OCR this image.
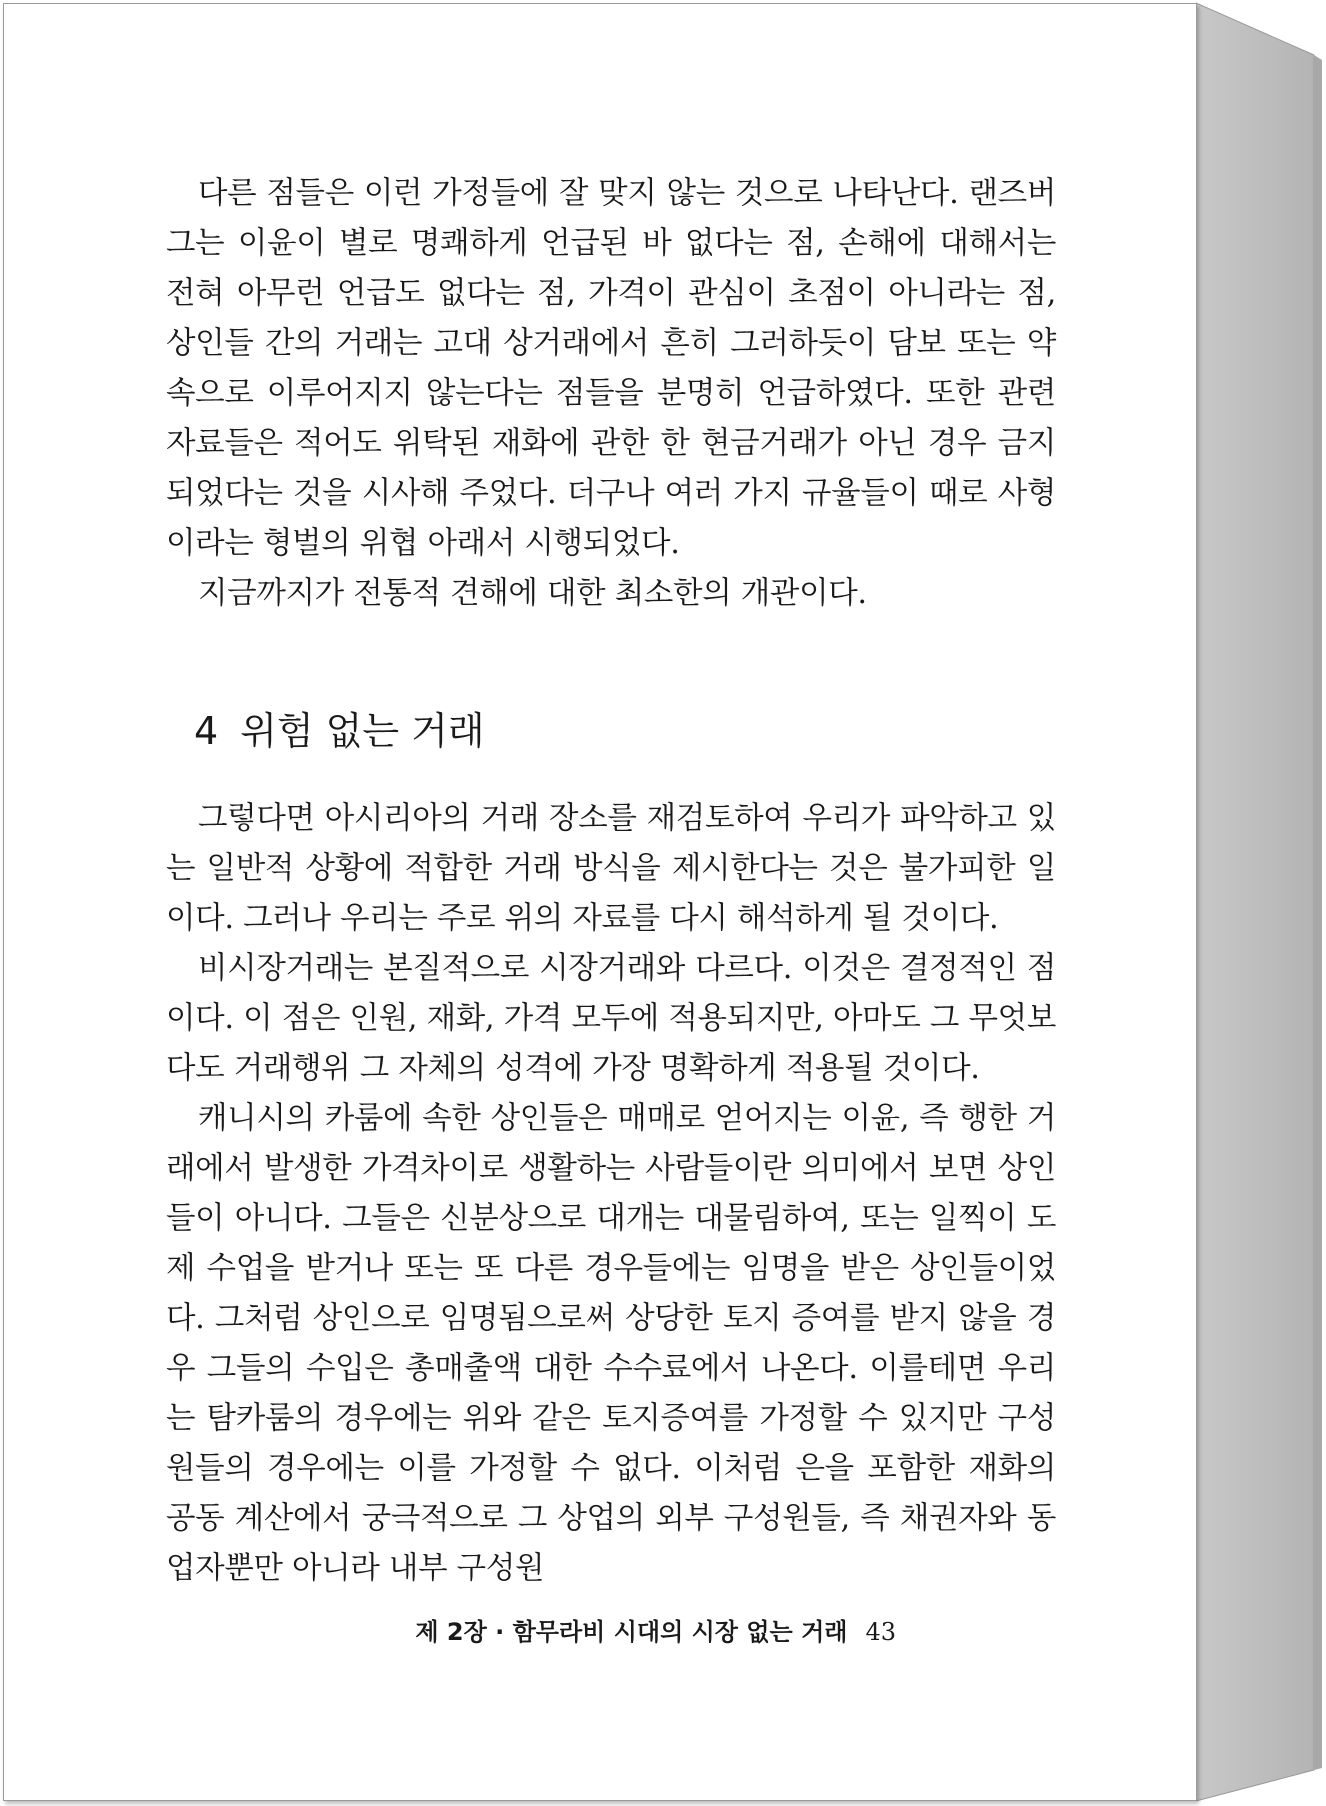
다른 점들은 이런 가정들에 잘 맞지 않는 것으로 나타난다. 랜즈버그는 이윤이 별로 명쾌하게 언급된 바 없다는 점, 손해에 대해서는 전혀 아무런 언급도 없다는 점, 가격이 관심이 초점이 아니라는 점, 상인들 간의 거래는 고대 상거래에서 흔히 그러하듯이 담보 또는 약속으로 이루어지지 않는다는 점들을 분명히 언급하였다. 또한 관련 자료들은 적어도 위탁된 재화에 관한 한 현금거래가 아닌 경우 금지되었다는 것을 시사해 주었다. 더구나 여러 가지 규율들이 때로 사형이라는 형벌의 위협 아래서 시행되었다.

지금까지가 전통적 견해에 대한 최소한의 개관이다.

4 위험 없는 거래

그렇다면 아시리아의 거래 장소를 재검토하여 우리가 파악하고 있는 일반적 상황에 적합한 거래 방식을 제시한다는 것은 불가피한 일이다. 그러나 우리는 주로 위의 자료를 다시 해석하게 될 것이다.

비시장거래는 본질적으로 시장거래와 다르다. 이것은 결정적인 점이다. 이 점은 인원, 재화, 가격 모두에 적용되지만, 아마도 그 무엇보다도 거래행위 그 자체의 성격에 가장 명확하게 적용될 것이다.

캐니시의 카룸에 속한 상인들은 매매로 얻어지는 이윤, 즉 행한 거래에서 발생한 가격차이로 생활하는 사람들이란 의미에서 보면 상인들이 아니다. 그들은 신분상으로 대개는 대물림하여, 또는 일찍이 도제 수업을 받거나 또는 또 다른 경우들에는 임명을 받은 상인들이었다. 그처럼 상인으로 임명됨으로써 상당한 토지 증여를 받지 않을 경우 그들의 수입은 총매출액 대한 수수료에서 나온다. 이를테면 우리는 탐카룸의 경우에는 위와 같은 토지증여를 가정할 수 있지만 구성원들의 경우에는 이를 가정할 수 없다. 이처럼 은을 포함한 재화의 공동 계산에서 궁극적으로 그 상업의 외부 구성원들, 즉 채권자와 동업자뿐만 아니라 내부 구성원

제 2장 · 함무라비 시대의 시장 없는 거래 43
